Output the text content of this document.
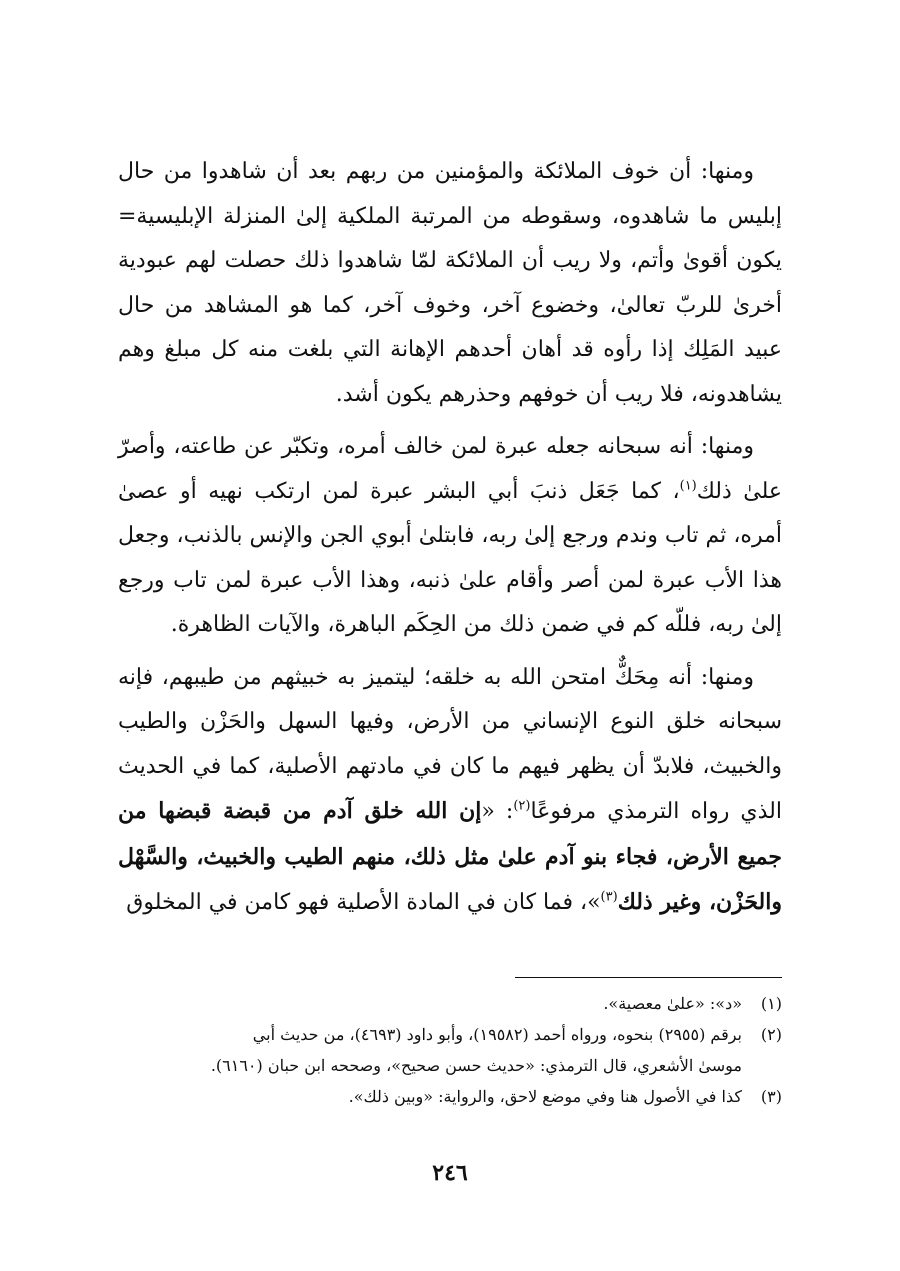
ومنها: أن خوف الملائكة والمؤمنين من ربهم بعد أن شاهدوا من حال إبليس ما شاهدوه، وسقوطه من المرتبة الملكية إلىٰ المنزلة الإبليسية= يكون أقوىٰ وأتم، ولا ريب أن الملائكة لمّا شاهدوا ذلك حصلت لهم عبودية أخرىٰ للربّ تعالىٰ، وخضوع آخر، وخوف آخر، كما هو المشاهد من حال عبيد المَلِك إذا رأوه قد أهان أحدهم الإهانة التي بلغت منه كل مبلغ وهم يشاهدونه، فلا ريب أن خوفهم وحذرهم يكون أشد.

ومنها: أنه سبحانه جعله عبرة لمن خالف أمره، وتكبّر عن طاعته، وأصرّ علىٰ ذلك$^{(١)}$، كما جَعَل ذنبَ أبي البشر عبرة لمن ارتكب نهيه أو عصىٰ أمره، ثم تاب وندم ورجع إلىٰ ربه، فابتلىٰ أبوي الجن والإنس بالذنب، وجعل هذا الأب عبرة لمن أصر وأقام علىٰ ذنبه، وهذا الأب عبرة لمن تاب ورجع إلىٰ ربه، فللّه كم في ضمن ذلك من الحِكَم الباهرة، والآيات الظاهرة.

ومنها: أنه مِحَكٌّ امتحن الله به خلقه؛ ليتميز به خبيثهم من طيبهم، فإنه سبحانه خلق النوع الإنساني من الأرض، وفيها السهل والحَزْن والطيب والخبيث، فلابدّ أن يظهر فيهم ما كان في مادتهم الأصلية، كما في الحديث الذي رواه الترمذي مرفوعًا$^{(٢)}$: «إن الله خلق آدم من قبضة قبضها من جميع الأرض، فجاء بنو آدم علىٰ مثل ذلك، منهم الطيب والخبيث، والسَّهْل والحَزْن، وغير ذلك$^{(٣)}$»، فما كان في المادة الأصلية فهو كامن في المخلوق

(١)
«د»: «علىٰ معصية».

(٢)
برقم (٢٩٥٥) بنحوه، ورواه أحمد (١٩٥٨٢)، وأبو داود (٤٦٩٣)، من حديث أبي

موسىٰ الأشعري، قال الترمذي: «حديث حسن صحيح»، وصححه ابن حبان (٦١٦٠).

(٣)
كذا في الأصول هنا وفي موضع لاحق، والرواية: «وبين ذلك».

٢٤٦
